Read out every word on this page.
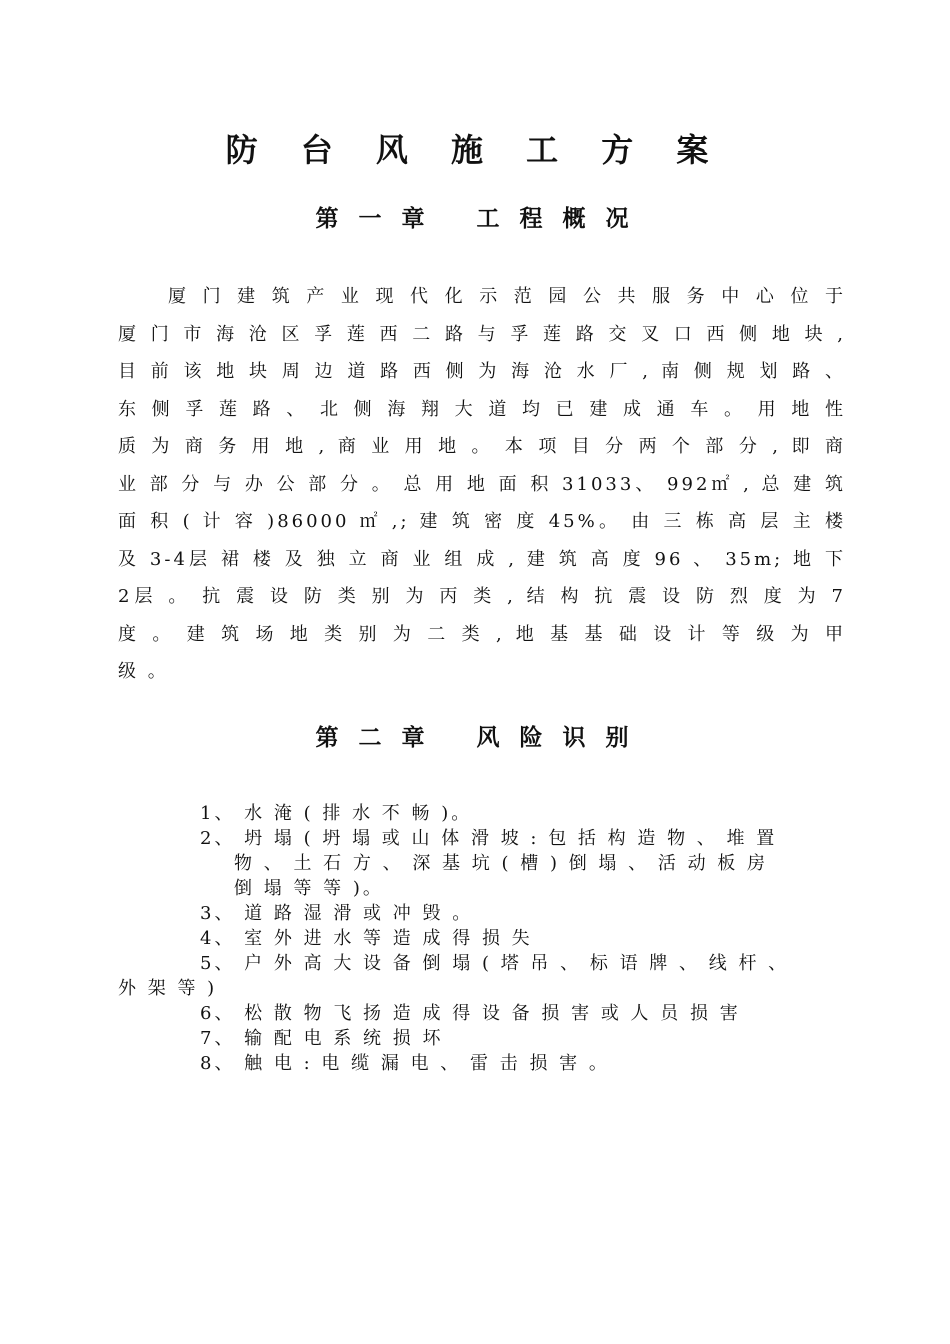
防 台 风 施 工 方 案
第 一 章 工 程 概 况
厦 门 建 筑 产 业 现 代 化 示 范 园 公 共 服 务 中 心 位 于
厦 门 市 海 沧 区 孚 莲 西 二 路 与 孚 莲 路 交 叉 口 西 侧 地 块 ,
目 前 该 地 块 周 边 道 路 西 侧 为 海 沧 水 厂 , 南 侧 规 划 路 、
东 侧 孚 莲 路 、 北 侧 海 翔 大 道 均 已 建 成 通 车 。 用 地 性
质 为 商 务 用 地 , 商 业 用 地 。 本 项 目 分 两 个 部 分 , 即 商
业 部 分 与 办 公 部 分 。 总 用 地 面 积 31033、 992㎡ , 总 建 筑
面 积 ( 计 容 )86000 ㎡ ,; 建 筑 密 度 45%。 由 三 栋 高 层 主 楼
及 3-4层 裙 楼 及 独 立 商 业 组 成 , 建 筑 高 度 96 、 35m; 地 下
2层 。 抗 震 设 防 类 别 为 丙 类 , 结 构 抗 震 设 防 烈 度 为 7
度 。 建 筑 场 地 类 别 为 二 类 , 地 基 基 础 设 计 等 级 为 甲
级 。
第 二 章 风 险 识 别
1、 水 淹 ( 排 水 不 畅 )。
2、 坍 塌 ( 坍 塌 或 山 体 滑 坡 : 包 括 构 造 物 、 堆 置
物 、 土 石 方 、 深 基 坑 ( 槽 ) 倒 塌 、 活 动 板 房
倒 塌 等 等 )。
3、 道 路 湿 滑 或 冲 毁 。
4、 室 外 进 水 等 造 成 得 损 失
5、 户 外 高 大 设 备 倒 塌 ( 塔 吊 、 标 语 牌 、 线 杆 、
外 架 等 )
6、 松 散 物 飞 扬 造 成 得 设 备 损 害 或 人 员 损 害
7、 输 配 电 系 统 损 坏
8、 触 电 : 电 缆 漏 电 、 雷 击 损 害 。
